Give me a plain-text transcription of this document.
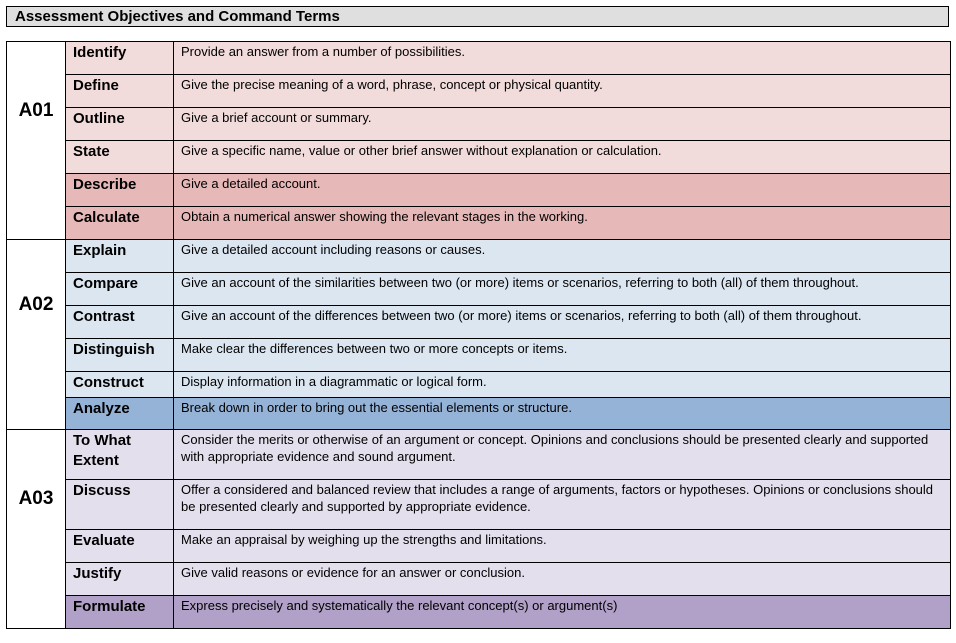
Assessment Objectives and Command Terms
A01	Identify	Provide an answer from a number of possibilities.
	Define	Give the precise meaning of a word, phrase, concept or physical quantity.
	Outline	Give a brief account or summary.
	State	Give a specific name, value or other brief answer without explanation or calculation.
	Describe	Give a detailed account.
	Calculate	Obtain a numerical answer showing the relevant stages in the working.
A02	Explain	Give a detailed account including reasons or causes.
	Compare	Give an account of the similarities between two (or more) items or scenarios, referring to both (all) of them throughout.
	Contrast	Give an account of the differences between two (or more) items or scenarios, referring to both (all) of them throughout.
	Distinguish	Make clear the differences between two or more concepts or items.
	Construct	Display information in a diagrammatic or logical form.
	Analyze	Break down in order to bring out the essential elements or structure.
A03	To What Extent	Consider the merits or otherwise of an argument or concept. Opinions and conclusions should be presented clearly and supported with appropriate evidence and sound argument.
	Discuss	Offer a considered and balanced review that includes a range of arguments, factors or hypotheses. Opinions or conclusions should be presented clearly and supported by appropriate evidence.
	Evaluate	Make an appraisal by weighing up the strengths and limitations.
	Justify	Give valid reasons or evidence for an answer or conclusion.
	Formulate	Express precisely and systematically the relevant concept(s) or argument(s)
